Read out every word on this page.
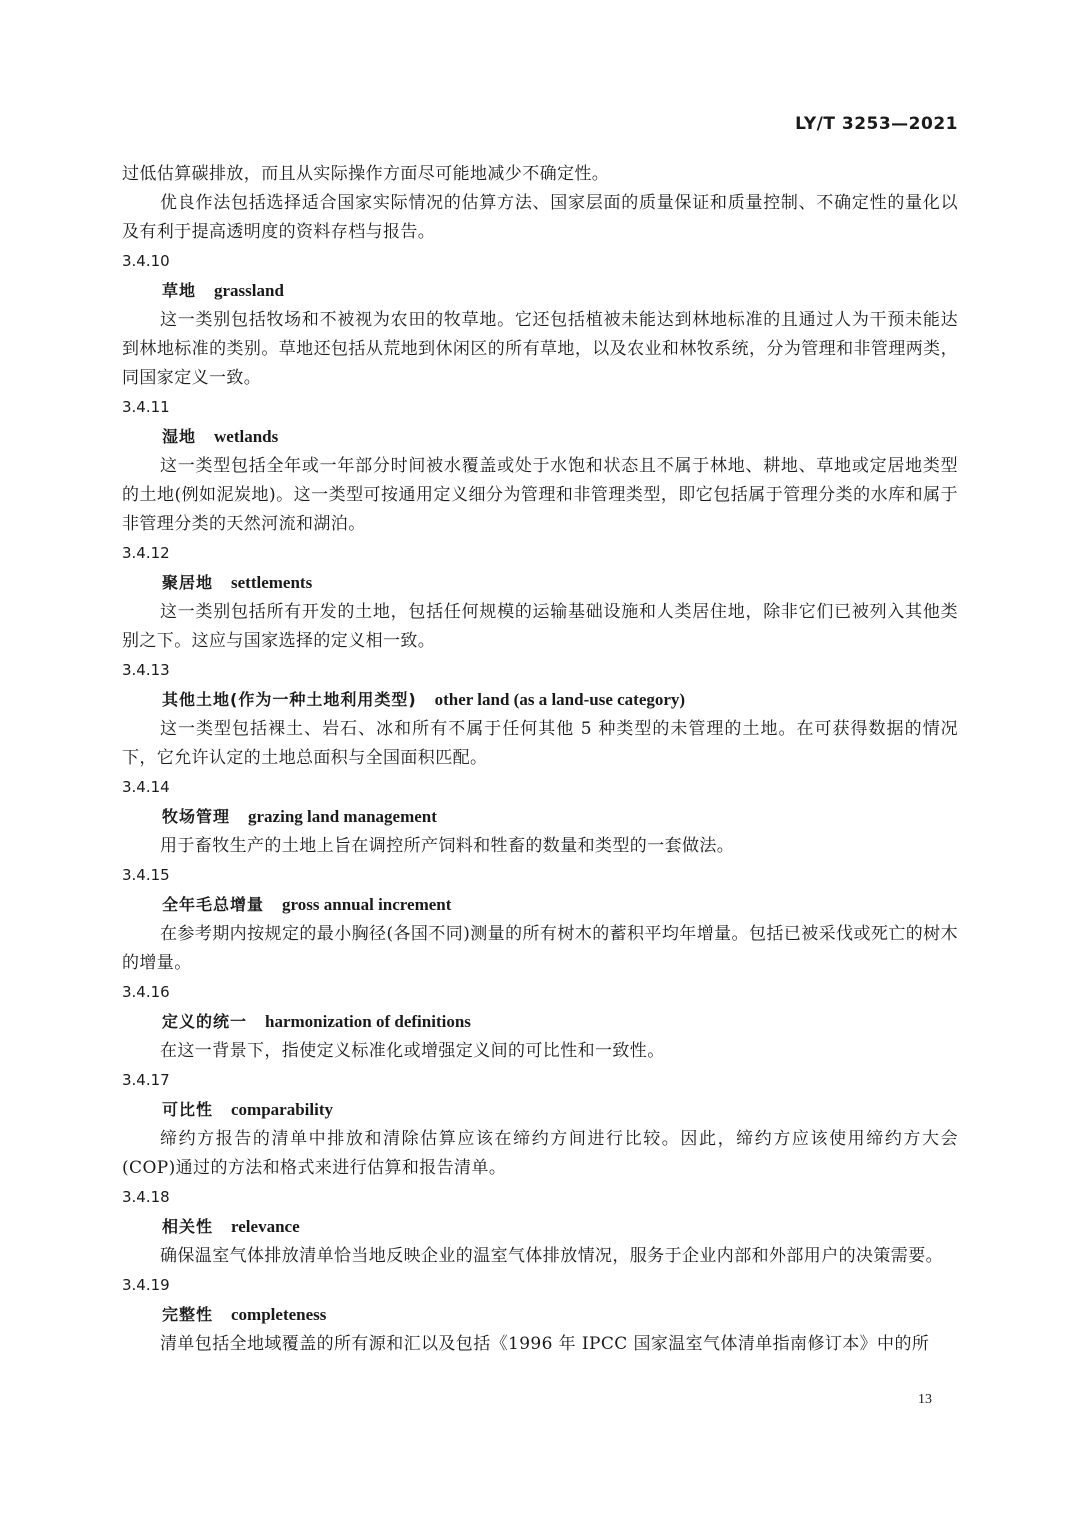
LY/T 3253—2021

过低估算碳排放，而且从实际操作方面尽可能地减少不确定性。

优良作法包括选择适合国家实际情况的估算方法、国家层面的质量保证和质量控制、不确定性的量化以及有利于提高透明度的资料存档与报告。

3.4.10

草地 grassland

这一类别包括牧场和不被视为农田的牧草地。它还包括植被未能达到林地标准的且通过人为干预未能达到林地标准的类别。草地还包括从荒地到休闲区的所有草地，以及农业和林牧系统，分为管理和非管理两类，同国家定义一致。

3.4.11

湿地 wetlands

这一类型包括全年或一年部分时间被水覆盖或处于水饱和状态且不属于林地、耕地、草地或定居地类型的土地(例如泥炭地)。这一类型可按通用定义细分为管理和非管理类型，即它包括属于管理分类的水库和属于非管理分类的天然河流和湖泊。

3.4.12

聚居地 settlements

这一类别包括所有开发的土地，包括任何规模的运输基础设施和人类居住地，除非它们已被列入其他类别之下。这应与国家选择的定义相一致。

3.4.13

其他土地(作为一种土地利用类型) other land (as a land-use category)

这一类型包括裸土、岩石、冰和所有不属于任何其他 5 种类型的未管理的土地。在可获得数据的情况下，它允许认定的土地总面积与全国面积匹配。

3.4.14

牧场管理 grazing land management

用于畜牧生产的土地上旨在调控所产饲料和牲畜的数量和类型的一套做法。

3.4.15

全年毛总增量 gross annual increment

在参考期内按规定的最小胸径(各国不同)测量的所有树木的蓄积平均年增量。包括已被采伐或死亡的树木的增量。

3.4.16

定义的统一 harmonization of definitions

在这一背景下，指使定义标准化或增强定义间的可比性和一致性。

3.4.17

可比性 comparability

缔约方报告的清单中排放和清除估算应该在缔约方间进行比较。因此，缔约方应该使用缔约方大会(COP)通过的方法和格式来进行估算和报告清单。

3.4.18

相关性 relevance

确保温室气体排放清单恰当地反映企业的温室气体排放情况，服务于企业内部和外部用户的决策需要。

3.4.19

完整性 completeness

清单包括全地域覆盖的所有源和汇以及包括《1996 年 IPCC 国家温室气体清单指南修订本》中的所

13
